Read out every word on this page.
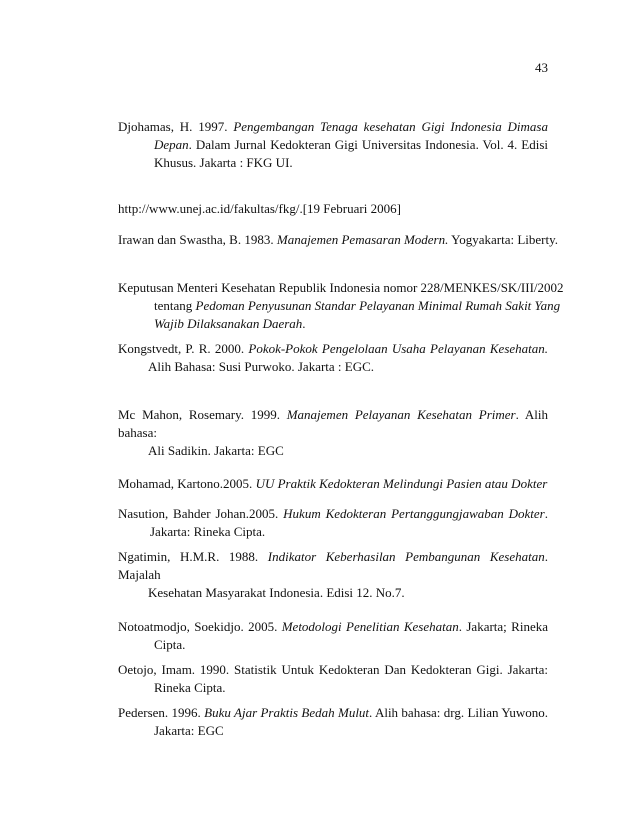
43
Djohamas, H. 1997. Pengembangan Tenaga kesehatan Gigi Indonesia Dimasa
Depan. Dalam Jurnal Kedokteran Gigi Universitas Indonesia. Vol. 4. Edisi
Khusus. Jakarta : FKG UI.
http://www.unej.ac.id/fakultas/fkg/.[19 Februari 2006]
Irawan dan Swastha, B. 1983. Manajemen Pemasaran Modern. Yogyakarta: Liberty.
Keputusan Menteri Kesehatan Republik Indonesia nomor 228/MENKES/SK/III/2002
tentang Pedoman Penyusunan Standar Pelayanan Minimal Rumah Sakit Yang
Wajib Dilaksanakan Daerah.
Kongstvedt, P. R. 2000. Pokok-Pokok Pengelolaan Usaha Pelayanan Kesehatan.
Alih Bahasa: Susi Purwoko. Jakarta : EGC.
Mc Mahon, Rosemary. 1999. Manajemen Pelayanan Kesehatan Primer. Alih bahasa:
Ali Sadikin. Jakarta: EGC
Mohamad, Kartono.2005. UU Praktik Kedokteran Melindungi Pasien atau Dokter
Nasution, Bahder Johan.2005. Hukum Kedokteran Pertanggungjawaban Dokter.
Jakarta: Rineka Cipta.
Ngatimin, H.M.R. 1988. Indikator Keberhasilan Pembangunan Kesehatan. Majalah
Kesehatan Masyarakat Indonesia. Edisi 12. No.7.
Notoatmodjo, Soekidjo. 2005. Metodologi Penelitian Kesehatan. Jakarta; Rineka
Cipta.
Oetojo, Imam. 1990. Statistik Untuk Kedokteran Dan Kedokteran Gigi. Jakarta:
Rineka Cipta.
Pedersen. 1996. Buku Ajar Praktis Bedah Mulut. Alih bahasa: drg. Lilian Yuwono.
Jakarta: EGC
